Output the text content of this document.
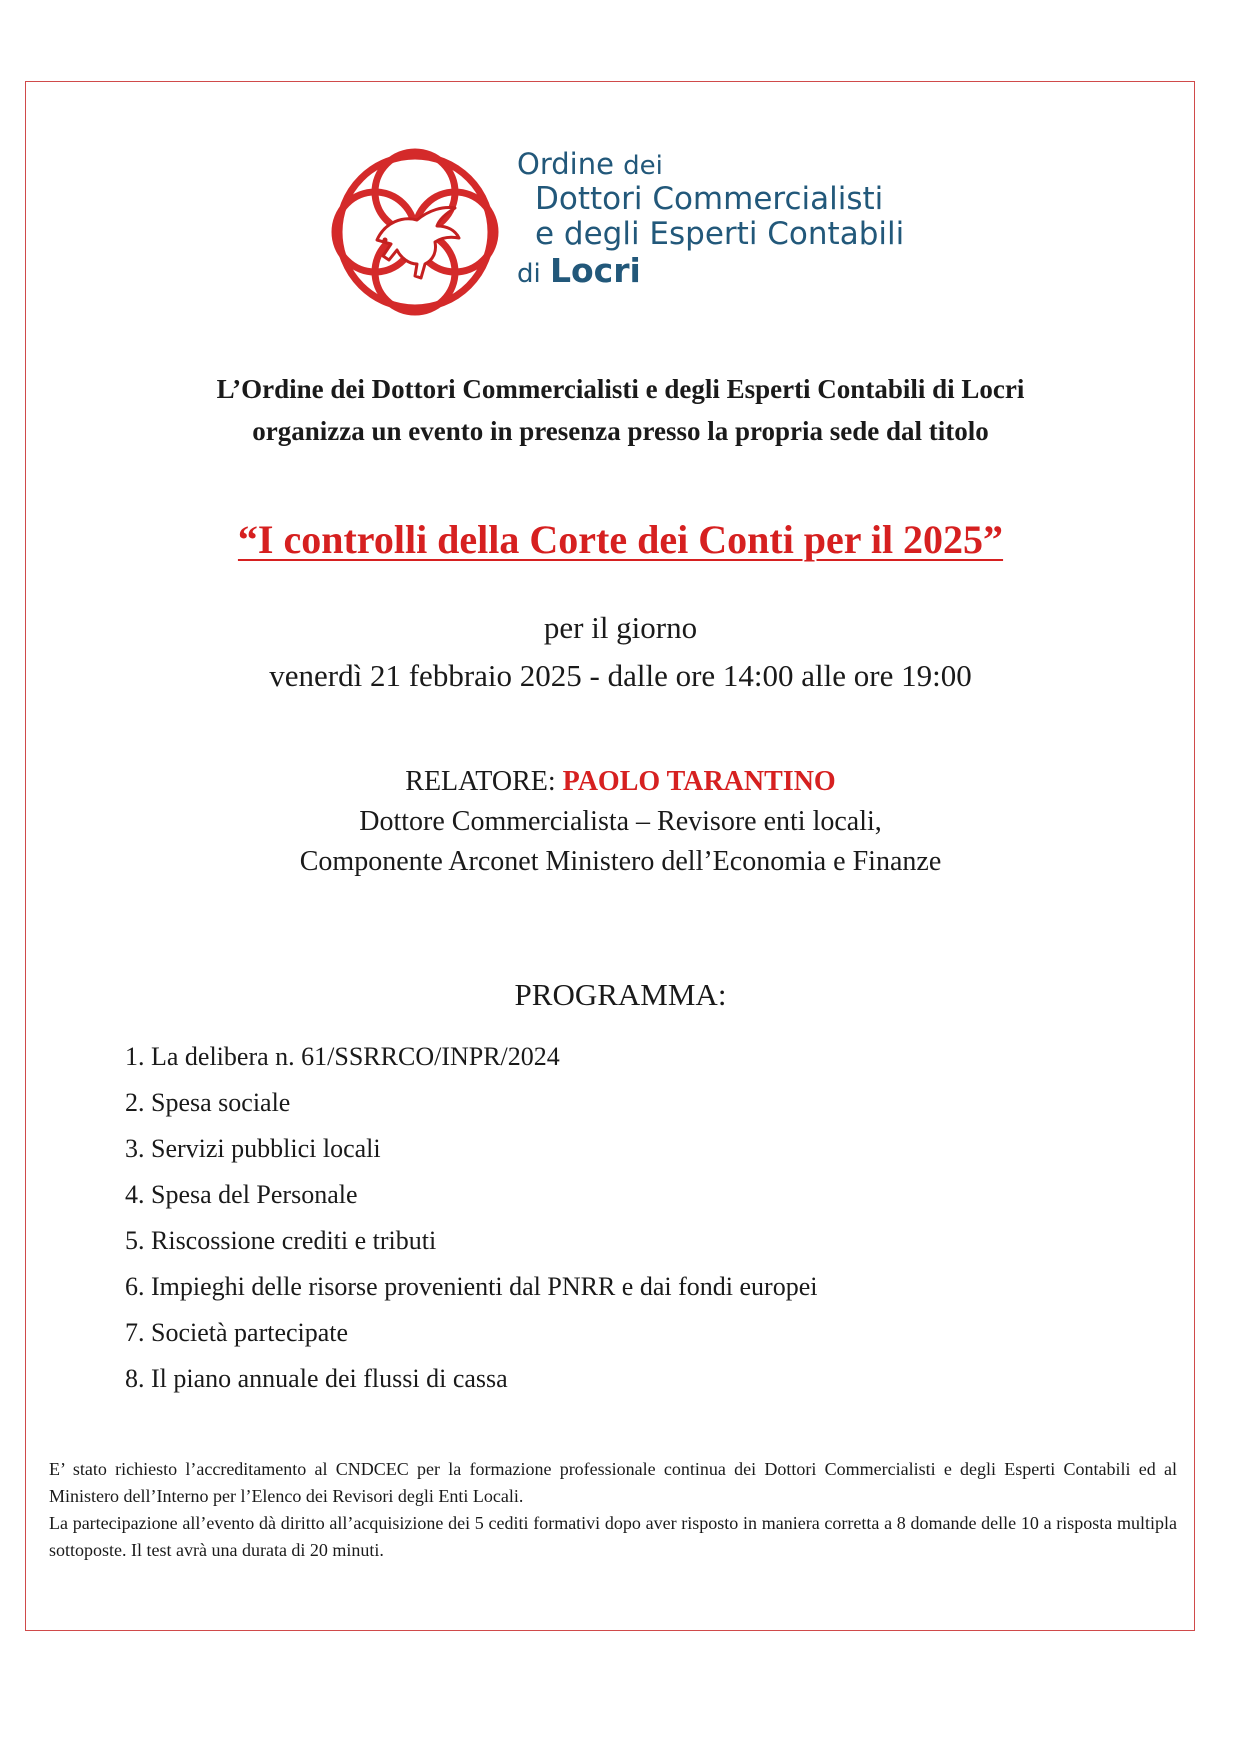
Ordine dei
Dottori Commercialisti
e degli Esperti Contabili
di Locri
L’Ordine dei Dottori Commercialisti e degli Esperti Contabili di Locri
organizza un evento in presenza presso la propria sede dal titolo
“I controlli della Corte dei Conti per il 2025”
per il giorno
venerdì 21 febbraio 2025 - dalle ore 14:00 alle ore 19:00
RELATORE: PAOLO TARANTINO
Dottore Commercialista – Revisore enti locali,
Componente Arconet Ministero dell’Economia e Finanze
PROGRAMMA:
1. La delibera n. 61/SSRRCO/INPR/2024
2. Spesa sociale
3. Servizi pubblici locali
4. Spesa del Personale
5. Riscossione crediti e tributi
6. Impieghi delle risorse provenienti dal PNRR e dai fondi europei
7. Società partecipate
8. Il piano annuale dei flussi di cassa

E’ stato richiesto l’accreditamento al CNDCEC per la formazione professionale continua dei Dottori Commercialisti e degli Esperti Contabili ed al Ministero dell’Interno per l’Elenco dei Revisori degli Enti Locali.

La partecipazione all’evento dà diritto all’acquisizione dei 5 cediti formativi dopo aver risposto in maniera corretta a 8 domande delle 10 a risposta multipla sottoposte. Il test avrà una durata di 20 minuti.
